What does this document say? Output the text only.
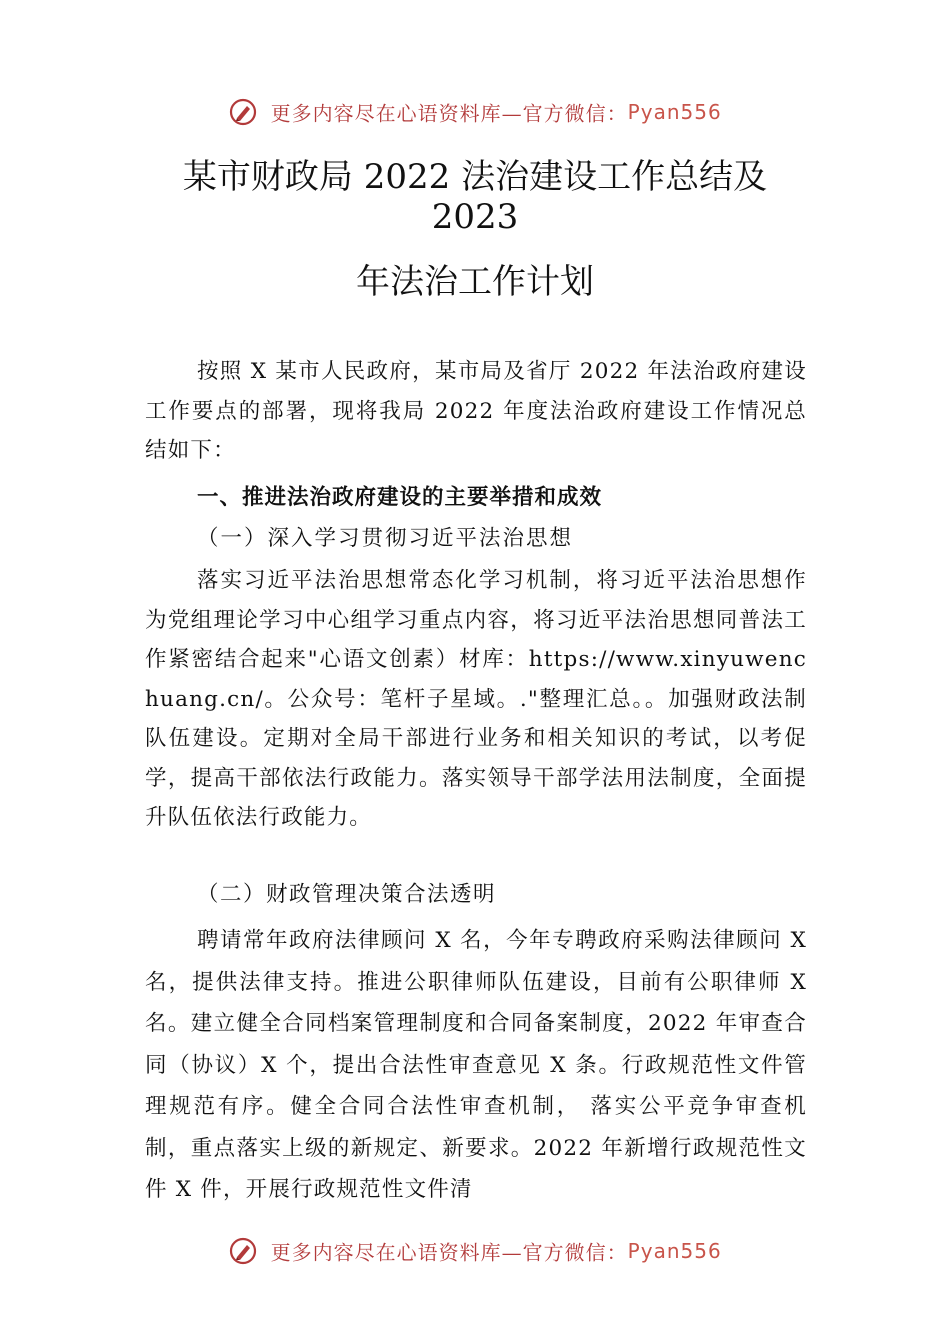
更多内容尽在心语资料库—官方微信：Pyan556
某市财政局 2022 法治建设工作总结及
2023
年法治工作计划

按照 X 某市人民政府，某市局及省厅 2022 年法治政府建设工作要点的部署，现将我局 2022 年度法治政府建设工作情况总结如下：

一、推进法治政府建设的主要举措和成效
（一）深入学习贯彻习近平法治思想

落实习近平法治思想常态化学习机制，将习近平法治思想作为党组理论学习中心组学习重点内容，将习近平法治思想同普法工作紧密结合起来"心语文创素）材库：https://www.xinyuwenchuang.cn/。公众号：笔杆子星域。."整理汇总。。加强财政法制队伍建设。定期对全局干部进行业务和相关知识的考试，以考促学，提高干部依法行政能力。落实领导干部学法用法制度，全面提升队伍依法行政能力。

（二）财政管理决策合法透明

聘请常年政府法律顾问 X 名，今年专聘政府采购法律顾问 X 名，提供法律支持。推进公职律师队伍建设，目前有公职律师 X 名。建立健全合同档案管理制度和合同备案制度，2022 年审查合同（协议）X 个，提出合法性审查意见 X 条。行政规范性文件管理规范有序。健全合同合法性审查机制， 落实公平竞争审查机制，重点落实上级的新规定、新要求。2022 年新增行政规范性文件 X 件，开展行政规范性文件清

更多内容尽在心语资料库—官方微信：Pyan556
